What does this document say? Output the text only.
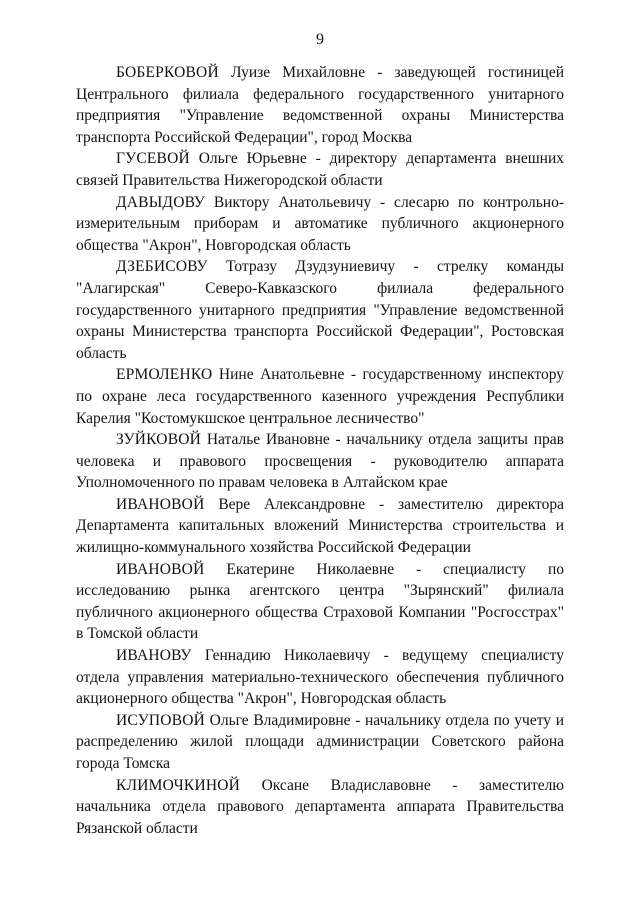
9

БОБЕРКОВОЙ Луизе Михайловне - заведующей гостиницей Центрального филиала федерального государственного унитарного предприятия "Управление ведомственной охраны Министерства транспорта Российской Федерации", город Москва

ГУСЕВОЙ Ольге Юрьевне - директору департамента внешних связей Правительства Нижегородской области

ДАВЫДОВУ Виктору Анатольевичу - слесарю по контрольно-измерительным приборам и автоматике публичного акционерного общества "Акрон", Новгородская область

ДЗЕБИСОВУ Тотразу Дзудзуниевичу - стрелку команды "Алагирская" Северо-Кавказского филиала федерального государственного унитарного предприятия "Управление ведомственной охраны Министерства транспорта Российской Федерации", Ростовская область

ЕРМОЛЕНКО Нине Анатольевне - государственному инспектору по охране леса государственного казенного учреждения Республики Карелия "Костомукшское центральное лесничество"

ЗУЙКОВОЙ Наталье Ивановне - начальнику отдела защиты прав человека и правового просвещения - руководителю аппарата Уполномоченного по правам человека в Алтайском крае

ИВАНОВОЙ Вере Александровне - заместителю директора Департамента капитальных вложений Министерства строительства и жилищно-коммунального хозяйства Российской Федерации

ИВАНОВОЙ Екатерине Николаевне - специалисту по исследованию рынка агентского центра "Зырянский" филиала публичного акционерного общества Страховой Компании "Росгосстрах" в Томской области

ИВАНОВУ Геннадию Николаевичу - ведущему специалисту отдела управления материально-технического обеспечения публичного акционерного общества "Акрон", Новгородская область

ИСУПОВОЙ Ольге Владимировне - начальнику отдела по учету и распределению жилой площади администрации Советского района города Томска

КЛИМОЧКИНОЙ Оксане Владиславовне - заместителю начальника отдела правового департамента аппарата Правительства Рязанской области
